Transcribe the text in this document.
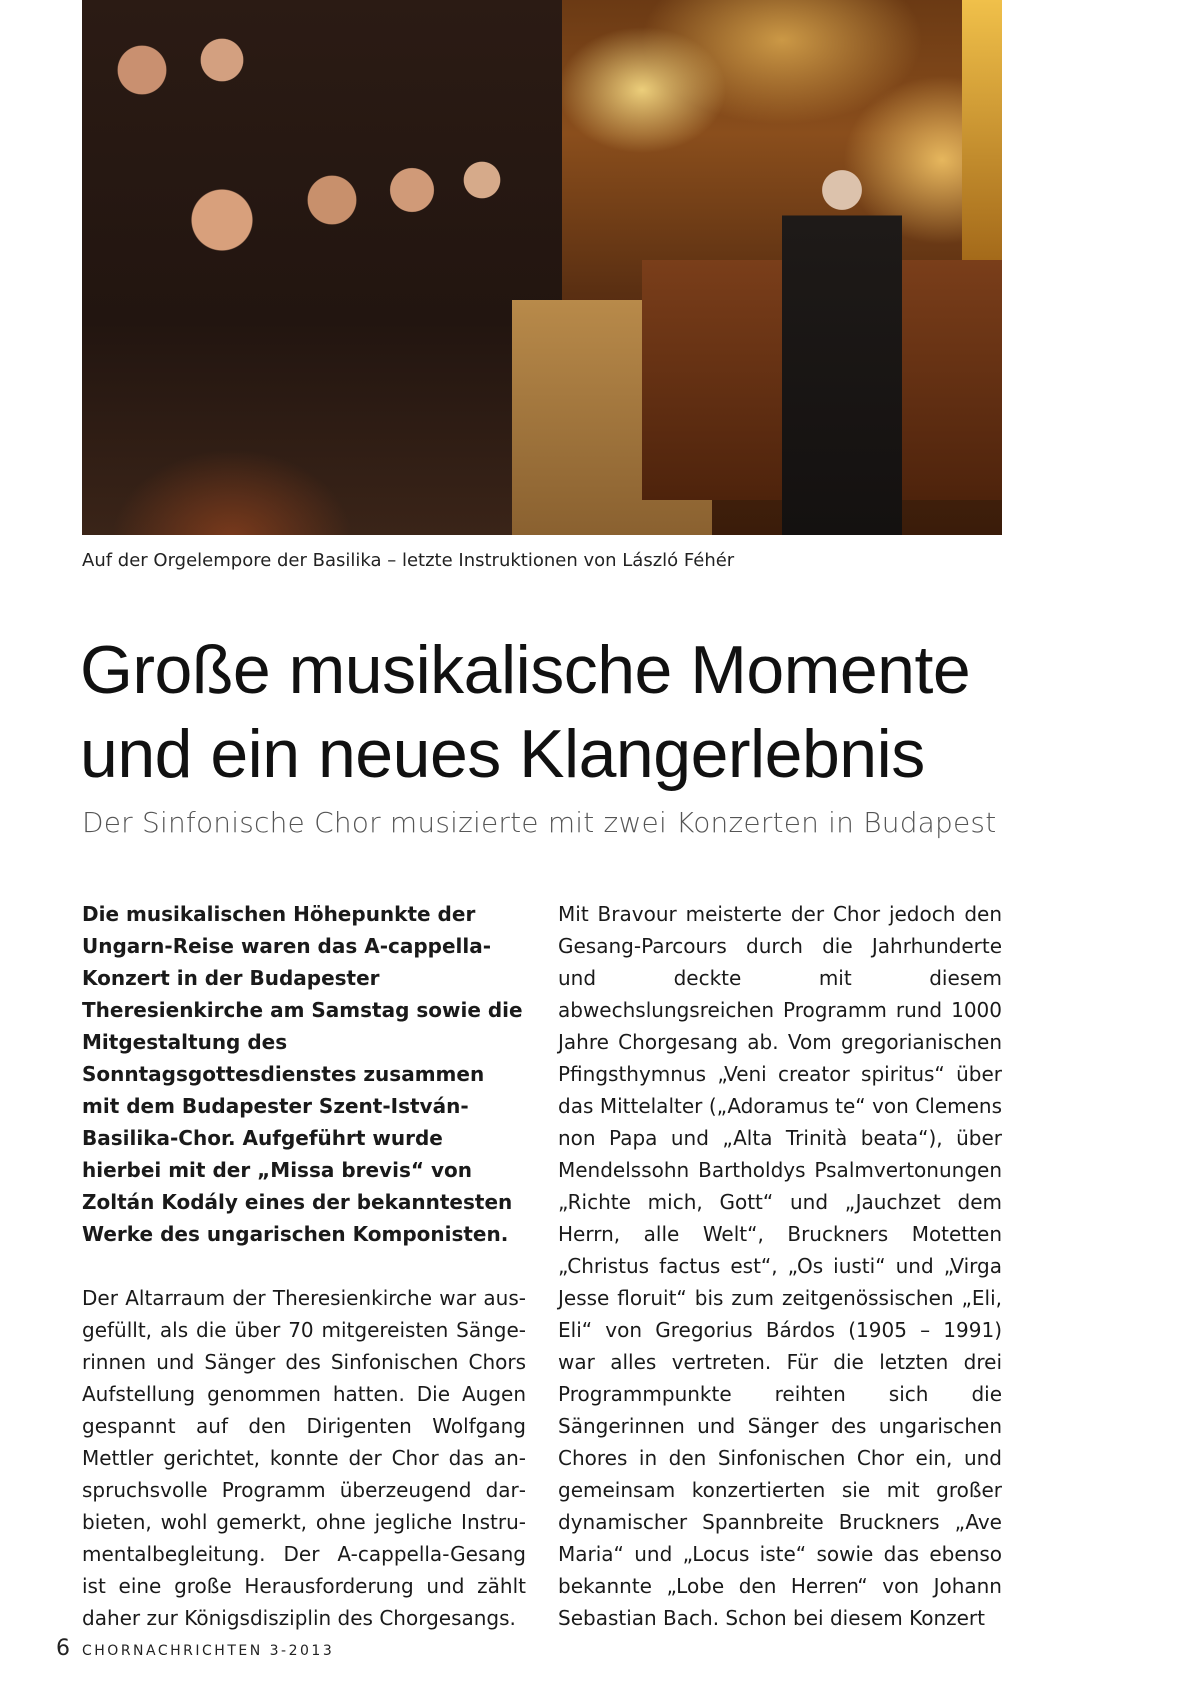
Auf der Orgelempore der Basilika – letzte Instruktionen von László Féhér
Große musikalische Momente und ein neues Klangerlebnis
Der Sinfonische Chor musizierte mit zwei Konzerten in Budapest

Die musikalischen Höhepunkte der Ungarn-Reise waren das A-cappella-Konzert in der Budapester Theresienkirche am Samstag sowie die Mitgestaltung des Sonntagsgottesdienstes zusammen mit dem Budapester Szent-István-Basilika-Chor. Aufgeführt wurde hierbei mit der „Missa brevis“ von Zoltán Kodály eines der bekanntesten Werke des ungarischen Komponisten.

Der Altarraum der Theresienkirche war ausgefüllt, als die über 70 mitgereisten Sängerinnen und Sänger des Sinfonischen Chors Aufstellung genommen hatten. Die Augen gespannt auf den Dirigenten Wolfgang Mettler gerichtet, konnte der Chor das anspruchsvolle Programm überzeugend darbieten, wohl gemerkt, ohne jegliche Instrumentalbegleitung. Der A-cappella-Gesang ist eine große Herausforderung und zählt daher zur Königsdisziplin des Chorgesangs.

Mit Bravour meisterte der Chor jedoch den Gesang-Parcours durch die Jahrhunderte und deckte mit diesem abwechslungsreichen Programm rund 1000 Jahre Chorgesang ab. Vom gregorianischen Pfingsthymnus „Veni creator spiritus“ über das Mittelalter („Adoramus te“ von Clemens non Papa und „Alta Trinità beata“), über Mendelssohn Bartholdys Psalmvertonungen „Richte mich, Gott“ und „Jauchzet dem Herrn, alle Welt“, Bruckners Motetten „Christus factus est“, „Os iusti“ und „Virga Jesse floruit“ bis zum zeitgenössischen „Eli, Eli“ von Gregorius Bárdos (1905 – 1991) war alles vertreten. Für die letzten drei Programmpunkte reihten sich die Sängerinnen und Sänger des ungarischen Chores in den Sinfonischen Chor ein, und gemeinsam konzertierten sie mit großer dynamischer Spannbreite Bruckners „Ave Maria“ und „Locus iste“ sowie das ebenso bekannte „Lobe den Herren“ von Johann Sebastian Bach. Schon bei diesem Konzert

6 CHORNACHRICHTEN 3-2013
